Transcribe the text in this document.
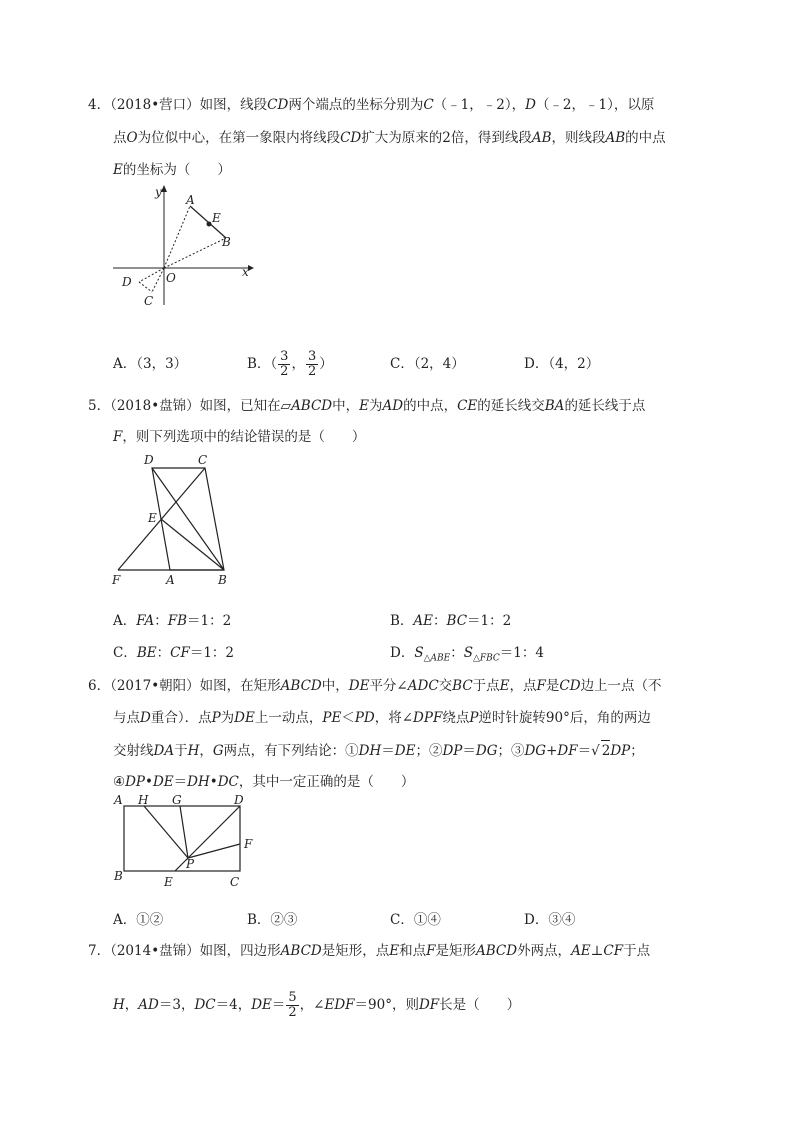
4．（2018•营口）如图，线段CD两个端点的坐标分别为C（﹣1，﹣2），D（﹣2，﹣1），以原
点O为位似中心，在第一象限内将线段CD扩大为原来的2倍，得到线段AB，则线段AB的中点
E的坐标为（　　）
y
x
O
A
E
B
D
C
A．（3，3）	B．（ $\frac{3}{2}$ ， $\frac{3}{2}$ ）	C．（2，4）	D．（4，2）
5．（2018•盘锦）如图，已知在▱ABCD中，E为AD的中点，CE的延长线交BA的延长线于点
F，则下列选项中的结论错误的是（　　）
D	C
E
F	A	B
A．FA：FB＝1：2	B．AE：BC＝1：2
C．BE：CF＝1：2	D．$S_{\triangle ABE}$：$S_{\triangle FBC}=1$：4
6．（2017•朝阳）如图，在矩形ABCD中，DE平分∠ADC交BC于点E，点F是CD边上一点（不
与点D重合）．点P为DE上一动点，PE＜PD，将∠DPF绕点P逆时针旋转90°后，角的两边
交射线DA于H，G两点，有下列结论：①DH＝DE；②DP＝DG；③DG+DF＝√ 2DP；
④DP•DE＝DH•DC，其中一定正确的是（　　）
A H G	D
F
P
B	E	C
A．①②	B．②③	C．①④	D．③④
7．（2014•盘锦）如图，四边形ABCD是矩形，点E和点F是矩形ABCD外两点，AE⊥CF于点
H，AD＝3，DC＝4，$DE= \frac{5}{2}$ ，∠EDF＝90°，则DF长是（　　）
